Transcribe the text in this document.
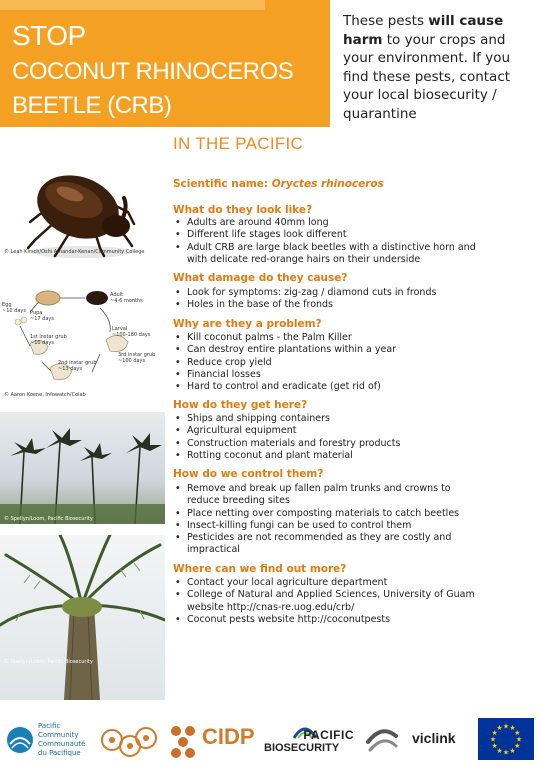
STOP
COCONUT RHINOCEROS
BEETLE (CRB)
These pests will cause harm to your crops and your environment. If you find these pests, contact your local biosecurity / quarantine
IN THE PACIFIC
Scientific name: Oryctes rhinoceros
What do they look like?
• Adults are around 40mm long
• Different life stages look different
• Adult CRB are large black beetles with a distinctive horn and with delicate red-orange hairs on their underside
What damage do they cause?
• Look for symptoms: zig-zag / diamond cuts in fronds
• Holes in the base of the fronds
Why are they a problem?
• Kill coconut palms - the Palm Killer
• Can destroy entire plantations within a year
• Reduce crop yield
• Financial losses
• Hard to control and eradicate (get rid of)
How do they get here?
• Ships and shipping containers
• Agricultural equipment
• Construction materials and forestry products
• Rotting coconut and plant material
How do we control them?
• Remove and break up fallen palm trunks and crowns to reduce breeding sites
• Place netting over composting materials to catch beetles
• Insect-killing fungi can be used to control them
• Pesticides are not recommended as they are costly and impractical
Where can we find out more?
• Contact your local agriculture department
• College of Natural and Applied Sciences, University of Guam website http://cnas-re.uog.edu/crb/
• Coconut pests website http://coconutpests
© Leah Kirsch/Oshi Amandar-Kenan/Community College
Pupa
~17 days
Adult
~4-6 months
Egg
~10 days
Larval
~100-180 days
1st instar grub
~10 days
2nd instar grub
~13 days
3rd instar grub
~100 days
© Aaron Koene, Infowatch/Colab
© Spellyn/Loom, Pacific Biosecurity
© Spellyn/Loom, Pacific Biosecurity
Pacific
Community
Communauté
du Pacifique
CIDP	PACIFIC
BIOSECURITY
viclink
★ ★
★
★
★
★
★
★
★
★
★
★
